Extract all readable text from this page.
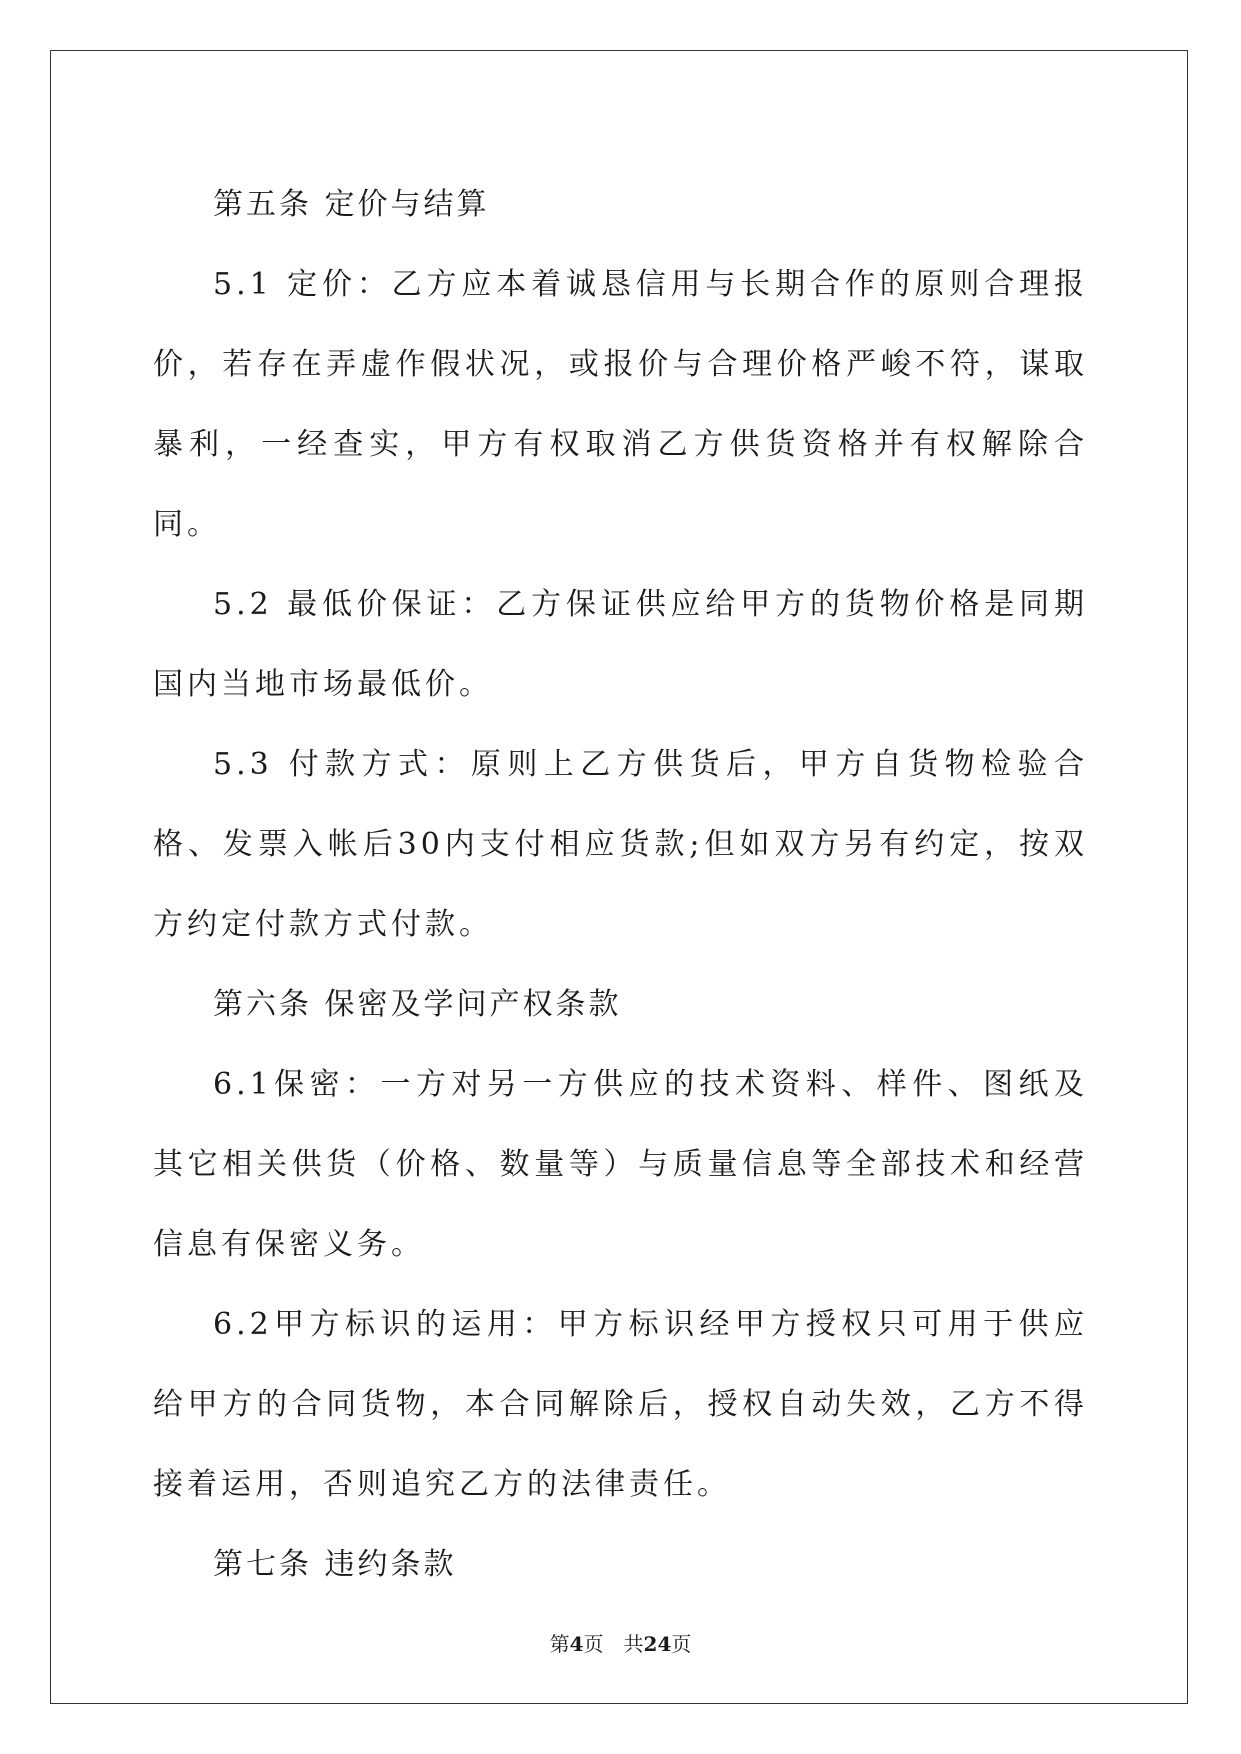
第五条 定价与结算

5.1 定价：乙方应本着诚恳信用与长期合作的原则合理报价，若存在弄虚作假状况，或报价与合理价格严峻不符，谋取暴利，一经查实，甲方有权取消乙方供货资格并有权解除合同。

5.2 最低价保证：乙方保证供应给甲方的货物价格是同期国内当地市场最低价。

5.3 付款方式：原则上乙方供货后，甲方自货物检验合格、发票入帐后30内支付相应货款;但如双方另有约定，按双方约定付款方式付款。

第六条 保密及学问产权条款

6.1保密：一方对另一方供应的技术资料、样件、图纸及其它相关供货（价格、数量等）与质量信息等全部技术和经营信息有保密义务。

6.2甲方标识的运用：甲方标识经甲方授权只可用于供应给甲方的合同货物，本合同解除后，授权自动失效，乙方不得接着运用，否则追究乙方的法律责任。

第七条 违约条款

第4页 共24页
